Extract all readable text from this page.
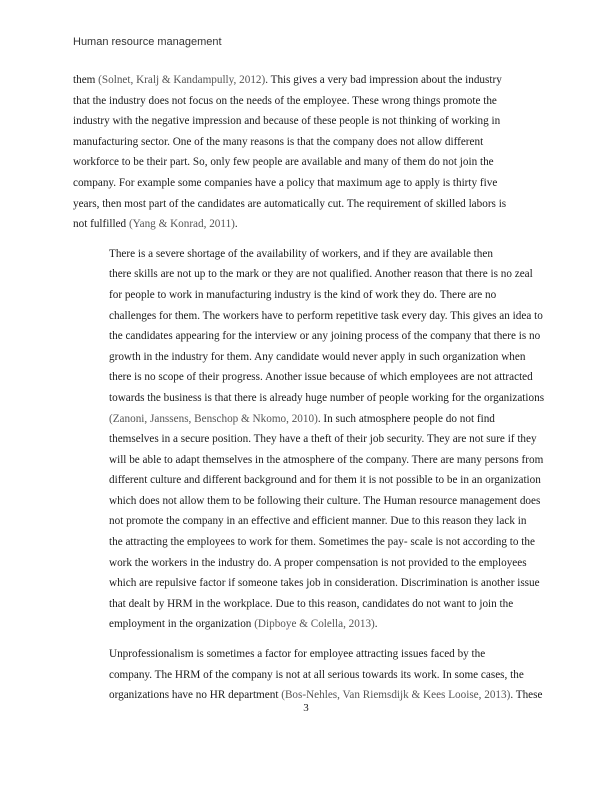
Human resource management

them (Solnet, Kralj & Kandampully, 2012). This gives a very bad impression about the industry
that the industry does not focus on the needs of the employee. These wrong things promote the
industry with the negative impression and because of these people is not thinking of working in
manufacturing sector. One of the many reasons is that the company does not allow different
workforce to be their part. So, only few people are available and many of them do not join the
company. For example some companies have a policy that maximum age to apply is thirty five
years, then most part of the candidates are automatically cut. The requirement of skilled labors is
not fulfilled (Yang & Konrad, 2011).

There is a severe shortage of the availability of workers, and if they are available then
there skills are not up to the mark or they are not qualified. Another reason that there is no zeal
for people to work in manufacturing industry is the kind of work they do. There are no
challenges for them. The workers have to perform repetitive task every day. This gives an idea to
the candidates appearing for the interview or any joining process of the company that there is no
growth in the industry for them. Any candidate would never apply in such organization when
there is no scope of their progress. Another issue because of which employees are not attracted
towards the business is that there is already huge number of people working for the organizations
(Zanoni, Janssens, Benschop & Nkomo, 2010). In such atmosphere people do not find
themselves in a secure position. They have a theft of their job security. They are not sure if they
will be able to adapt themselves in the atmosphere of the company. There are many persons from
different culture and different background and for them it is not possible to be in an organization
which does not allow them to be following their culture. The Human resource management does
not promote the company in an effective and efficient manner. Due to this reason they lack in
the attracting the employees to work for them. Sometimes the pay- scale is not according to the
work the workers in the industry do. A proper compensation is not provided to the employees
which are repulsive factor if someone takes job in consideration. Discrimination is another issue
that dealt by HRM in the workplace. Due to this reason, candidates do not want to join the
employment in the organization (Dipboye & Colella, 2013).

Unprofessionalism is sometimes a factor for employee attracting issues faced by the
company. The HRM of the company is not at all serious towards its work. In some cases, the
organizations have no HR department (Bos-Nehles, Van Riemsdijk & Kees Looise, 2013). These

3
